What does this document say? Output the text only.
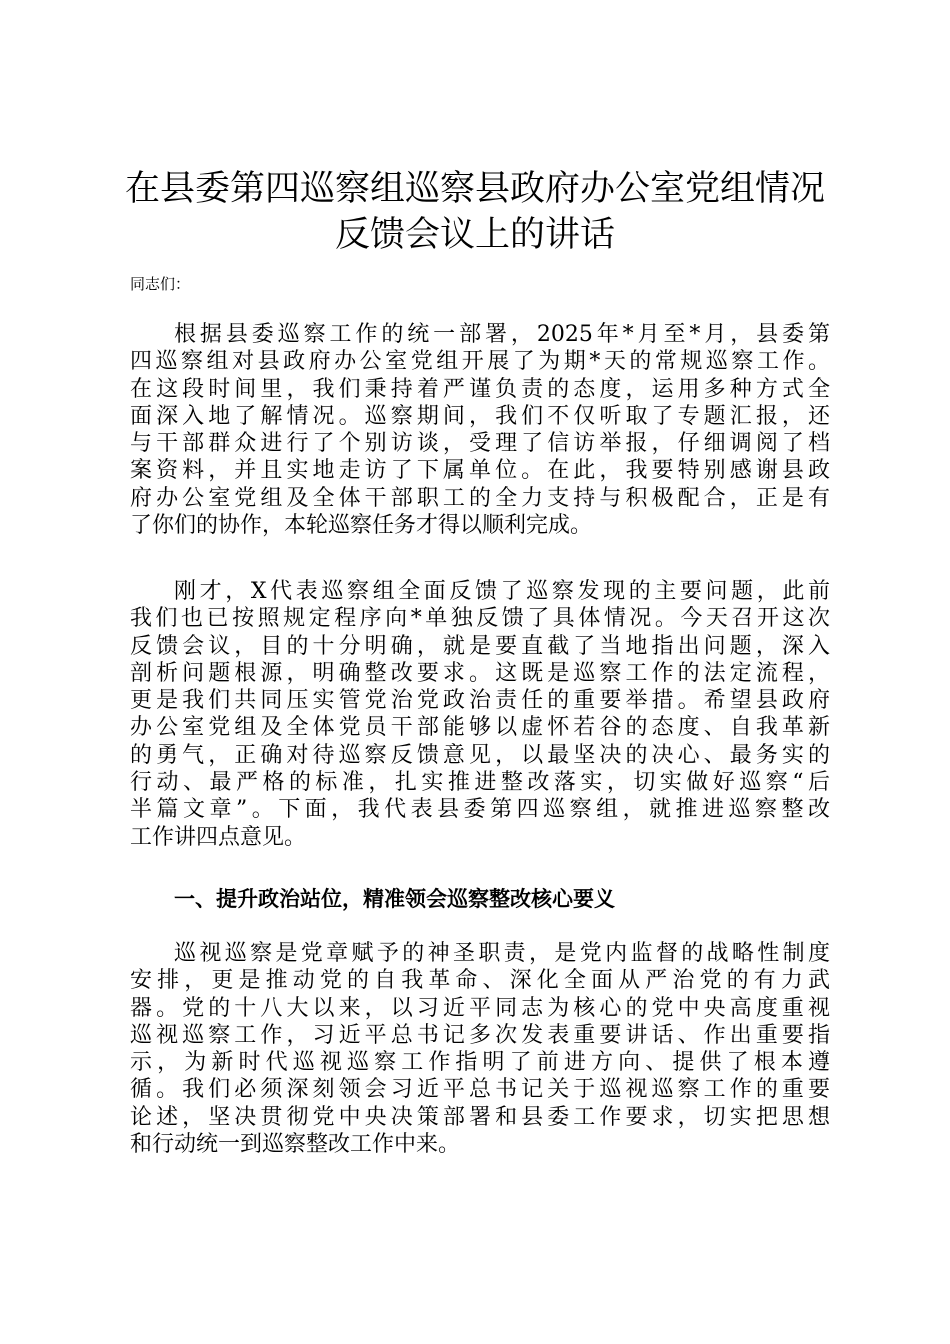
在县委第四巡察组巡察县政府办公室党组情况
反馈会议上的讲话
同志们：
根据县委巡察工作的统一部署，2025年*月至*月，县委第
四巡察组对县政府办公室党组开展了为期*天的常规巡察工作。
在这段时间里，我们秉持着严谨负责的态度，运用多种方式全
面深入地了解情况。巡察期间，我们不仅听取了专题汇报，还
与干部群众进行了个别访谈，受理了信访举报，仔细调阅了档
案资料，并且实地走访了下属单位。在此，我要特别感谢县政
府办公室党组及全体干部职工的全力支持与积极配合，正是有
了你们的协作，本轮巡察任务才得以顺利完成。
刚才，X代表巡察组全面反馈了巡察发现的主要问题，此前
我们也已按照规定程序向*单独反馈了具体情况。今天召开这次
反馈会议，目的十分明确，就是要直截了当地指出问题，深入
剖析问题根源，明确整改要求。这既是巡察工作的法定流程，
更是我们共同压实管党治党政治责任的重要举措。希望县政府
办公室党组及全体党员干部能够以虚怀若谷的态度、自我革新
的勇气，正确对待巡察反馈意见，以最坚决的决心、最务实的
行动、最严格的标准，扎实推进整改落实，切实做好巡察“后
半篇文章”。下面，我代表县委第四巡察组，就推进巡察整改
工作讲四点意见。
一、提升政治站位，精准领会巡察整改核心要义
巡视巡察是党章赋予的神圣职责，是党内监督的战略性制度
安排，更是推动党的自我革命、深化全面从严治党的有力武
器。党的十八大以来，以习近平同志为核心的党中央高度重视
巡视巡察工作，习近平总书记多次发表重要讲话、作出重要指
示，为新时代巡视巡察工作指明了前进方向、提供了根本遵
循。我们必须深刻领会习近平总书记关于巡视巡察工作的重要
论述，坚决贯彻党中央决策部署和县委工作要求，切实把思想
和行动统一到巡察整改工作中来。
